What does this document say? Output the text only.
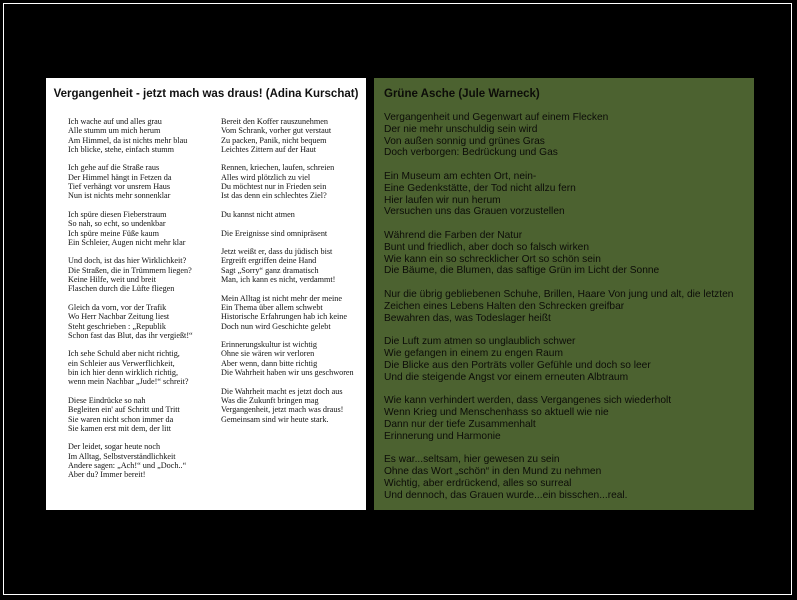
Vergangenheit - jetzt mach was draus! (Adina Kurschat)
Ich wache auf und alles grau
Alle stumm um mich herum
Am Himmel, da ist nichts mehr blau
Ich blicke, stehe, einfach stumm
Ich gehe auf die Straße raus
Der Himmel hängt in Fetzen da
Tief verhängt vor unsrem Haus
Nun ist nichts mehr sonnenklar
Ich spüre diesen Fieberstraum
So nah, so echt, so undenkbar
Ich spüre meine Füße kaum
Ein Schleier, Augen nicht mehr klar
Und doch, ist das hier Wirklichkeit?
Die Straßen, die in Trümmern liegen?
Keine Hilfe, weit und breit
Flaschen durch die Lüfte fliegen
Gleich da vorn, vor der Trafik
Wo Herr Nachbar Zeitung liest
Steht geschrieben : „Republik
Schon fast das Blut, das ihr vergießt!“
Ich sehe Schuld aber nicht richtig,
ein Schleier aus Verwerflichkeit,
bin ich hier denn wirklich richtig,
wenn mein Nachbar „Jude!“ schreit?
Diese Eindrücke so nah
Begleiten ein' auf Schritt und Tritt
Sie waren nicht schon immer da
Sie kamen erst mit dem, der litt
Der leidet, sogar heute noch
Im Alltag, Selbstverständlichkeit
Andere sagen: „Ach!“ und „Doch..“
Aber du? Immer bereit!
Bereit den Koffer rauszunehmen
Vom Schrank, vorher gut verstaut
Zu packen, Panik, nicht bequem
Leichtes Zittern auf der Haut
Rennen, kriechen, laufen, schreien
Alles wird plötzlich zu viel
Du möchtest nur in Frieden sein
Ist das denn ein schlechtes Ziel?
Du kannst nicht atmen
Die Ereignisse sind omnipräsent
Jetzt weißt er, dass du jüdisch bist
Ergreift ergriffen deine Hand
Sagt „Sorry“ ganz dramatisch
Man, ich kann es nicht, verdammt!
Mein Alltag ist nicht mehr der meine
Ein Thema über allem schwebt
Historische Erfahrungen hab ich keine
Doch nun wird Geschichte gelebt
Erinnerungskultur ist wichtig
Ohne sie wären wir verloren
Aber wenn, dann bitte richtig
Die Wahrheit haben wir uns geschworen
Die Wahrheit macht es jetzt doch aus
Was die Zukunft bringen mag
Vergangenheit, jetzt mach was draus!
Gemeinsam sind wir heute stark.
Grüne Asche (Jule Warneck)
Vergangenheit und Gegenwart auf einem Flecken
Der nie mehr unschuldig sein wird
Von außen sonnig und grünes Gras
Doch verborgen: Bedrückung und Gas
Ein Museum am echten Ort, nein-
Eine Gedenkstätte, der Tod nicht allzu fern
Hier laufen wir nun herum
Versuchen uns das Grauen vorzustellen
Während die Farben der Natur
Bunt und friedlich, aber doch so falsch wirken
Wie kann ein so schrecklicher Ort so schön sein
Die Bäume, die Blumen, das saftige Grün im Licht der Sonne
Nur die übrig gebliebenen Schuhe, Brillen, Haare Von jung und alt, die letzten
Zeichen eines Lebens Halten den Schrecken greifbar
Bewahren das, was Todeslager heißt
Die Luft zum atmen so unglaublich schwer
Wie gefangen in einem zu engen Raum
Die Blicke aus den Porträts voller Gefühle und doch so leer
Und die steigende Angst vor einem erneuten Albtraum
Wie kann verhindert werden, dass Vergangenes sich wiederholt
Wenn Krieg und Menschenhass so aktuell wie nie
Dann nur der tiefe Zusammenhalt
Erinnerung und Harmonie
Es war...seltsam, hier gewesen zu sein
Ohne das Wort „schön“ in den Mund zu nehmen
Wichtig, aber erdrückend, alles so surreal
Und dennoch, das Grauen wurde...ein bisschen...real.
